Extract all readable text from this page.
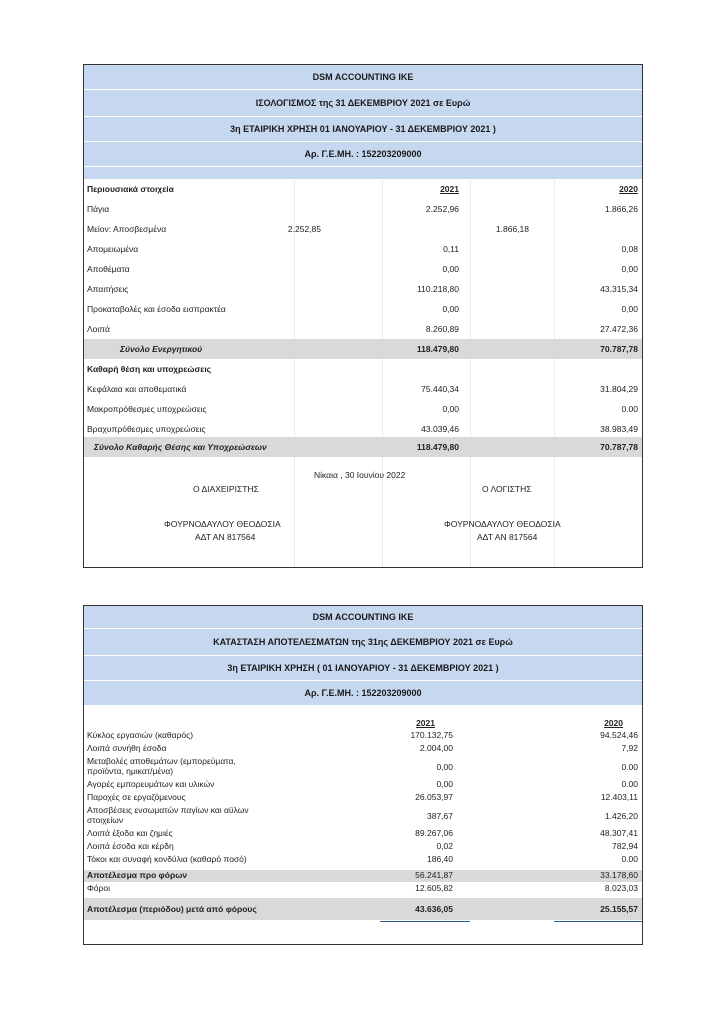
DSM ACCOUNTING IKE
ΙΣΟΛΟΓΙΣΜΟΣ της 31 ΔΕΚΕΜΒΡΙΟΥ 2021 σε Ευρώ
3η ΕΤΑΙΡΙΚΗ ΧΡΗΣΗ 01 ΙΑΝΟΥΑΡΙΟΥ - 31 ΔΕΚΕΜΒΡΙΟΥ 2021 )
Αρ. Γ.Ε.ΜΗ. : 152203209000
Περιουσιακά στοιχεία	2021	2020
Πάγια	2.252,96	1.866,26
Μείον: Αποσβεσμένα	2.252,85	1.866,18
Απομειωμένα	0,11	0,08
Αποθέματα	0,00	0,00
Απαιτήσεις	110.218,80	43.315,34
Προκαταβολές και έσοδα εισπρακτέα	0,00	0,00
Λοιπά	8.260,89	27.472,36
Σύνολο Ενεργητικού	118.479,80	70.787,78
Καθαρή θέση και υποχρεώσεις
Κεφάλαια και αποθεματικά	75.440,34	31.804,29
Μακροπρόθεσμες υποχρεώσεις	0,00	0.00
Βραχυπρόθεσμες υποχρεώσεις	43.039,46	38.983,49
Σύνολο Καθαρής Θέσης και Υποχρεώσεων	118.479,80	70.787,78
Νίκαια , 30 Ιουνίου 2022
Ο ΔΙΑΧΕΙΡΙΣΤΗΣ	Ο ΛΟΓΙΣΤΗΣ
ΦΟΥΡΝΟΔΑΥΛΟΥ ΘΕΟΔΟΣΙΑ
ΑΔΤ ΑΝ 817564
ΦΟΥΡΝΟΔΑΥΛΟΥ ΘΕΟΔΟΣΙΑ
ΑΔΤ ΑΝ 817564
DSM ACCOUNTING IKE
ΚΑΤΑΣΤΑΣΗ ΑΠΟΤΕΛΕΣΜΑΤΩΝ της 31ης ΔΕΚΕΜΒΡΙΟΥ 2021 σε Ευρώ
3η ΕΤΑΙΡΙΚΗ ΧΡΗΣΗ ( 01 ΙΑΝΟΥΑΡΙΟΥ - 31 ΔΕΚΕΜΒΡΙΟΥ 2021 )
Αρ. Γ.Ε.ΜΗ. : 152203209000
2021	2020
Κύκλος εργασιών (καθαρός)	170.132,75	94.524,46
Λοιπά συνήθη έσοδα	2.004,00	7,92
Μεταβολές αποθεμάτων (εμπορεύματα,
προϊόντα, ημικατ/μένα)	0,00	0.00
Αγορές εμπορευμάτων και υλικών	0,00	0.00
Παροχές σε εργαζόμενους	26.053,97	12.403,11
Αποσβέσεις ενσωματών παγίων και αϋλων
στοιχείων	387,67	1.426,20
Λοιπά έξοδα και ζημιές	89.267,06	48.307,41
Λοιπά έσοδα και κέρδη	0,02	782,94
Τόκοι και συναφή κονδύλια (καθαρό ποσό)	186,40	0.00
Αποτέλεσμα προ φόρων	56.241,87	33.178,60
Φόροι	12.605,82	8.023,03
Αποτέλεσμα (περιόδου) μετά από φόρους	43.636,05	25.155,57
